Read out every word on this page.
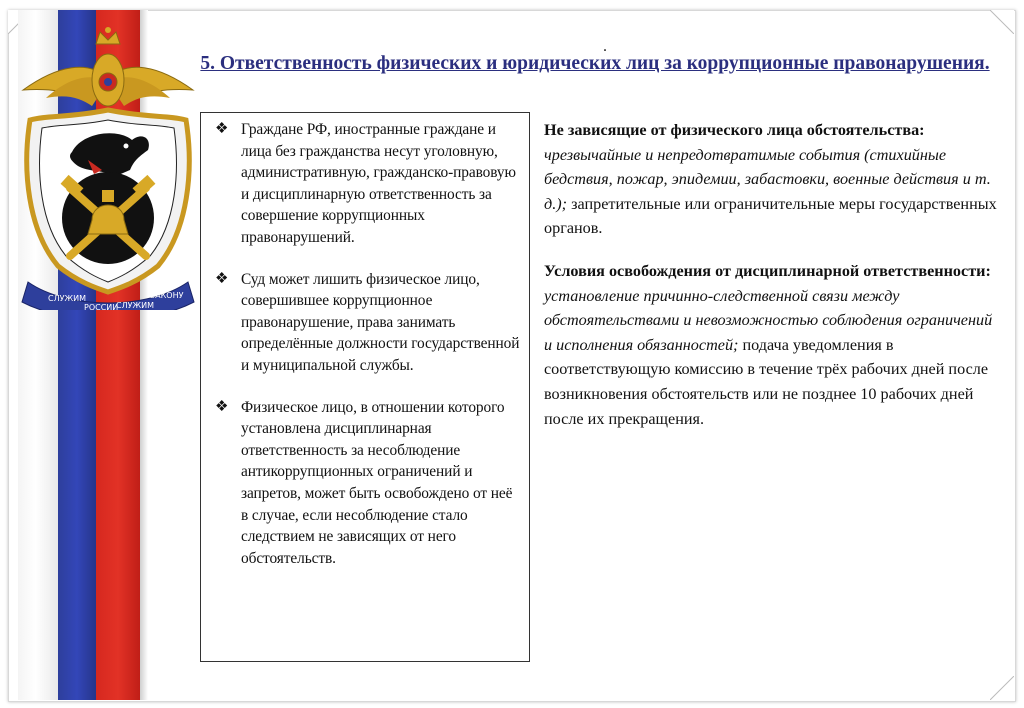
СЛУЖИМ
РОССИИ
СЛУЖИМ
ЗАКОНУ
.
5. Ответственность физических и юридических лиц за коррупционные правонарушения.
❖ Граждане РФ, иностранные граждане и лица без гражданства несут уголовную, административную, гражданско-правовую и дисциплинарную ответственность за совершение коррупционных правонарушений.
❖ Суд может лишить физическое лицо, совершившее коррупционное правонарушение, права занимать определённые должности государственной и муниципальной службы.
❖ Физическое лицо, в отношении которого установлена дисциплинарная ответственность за несоблюдение антикоррупционных ограничений и запретов, может быть освобождено от неё в случае, если несоблюдение стало следствием не зависящих от него обстоятельств.

Не зависящие от физического лица обстоятельства:
чрезвычайные и непредотвратимые события (стихийные бедствия, пожар, эпидемии, забастовки, военные действия и т. д.); запретительные или ограничительные меры государственных органов.

Условия освобождения от дисциплинарной ответственности:
установление причинно-следственной связи между обстоятельствами и невозможностью соблюдения ограничений и исполнения обязанностей; подача уведомления в соответствующую комиссию в течение трёх рабочих дней после возникновения обстоятельств или не позднее 10 рабочих дней после их прекращения.
